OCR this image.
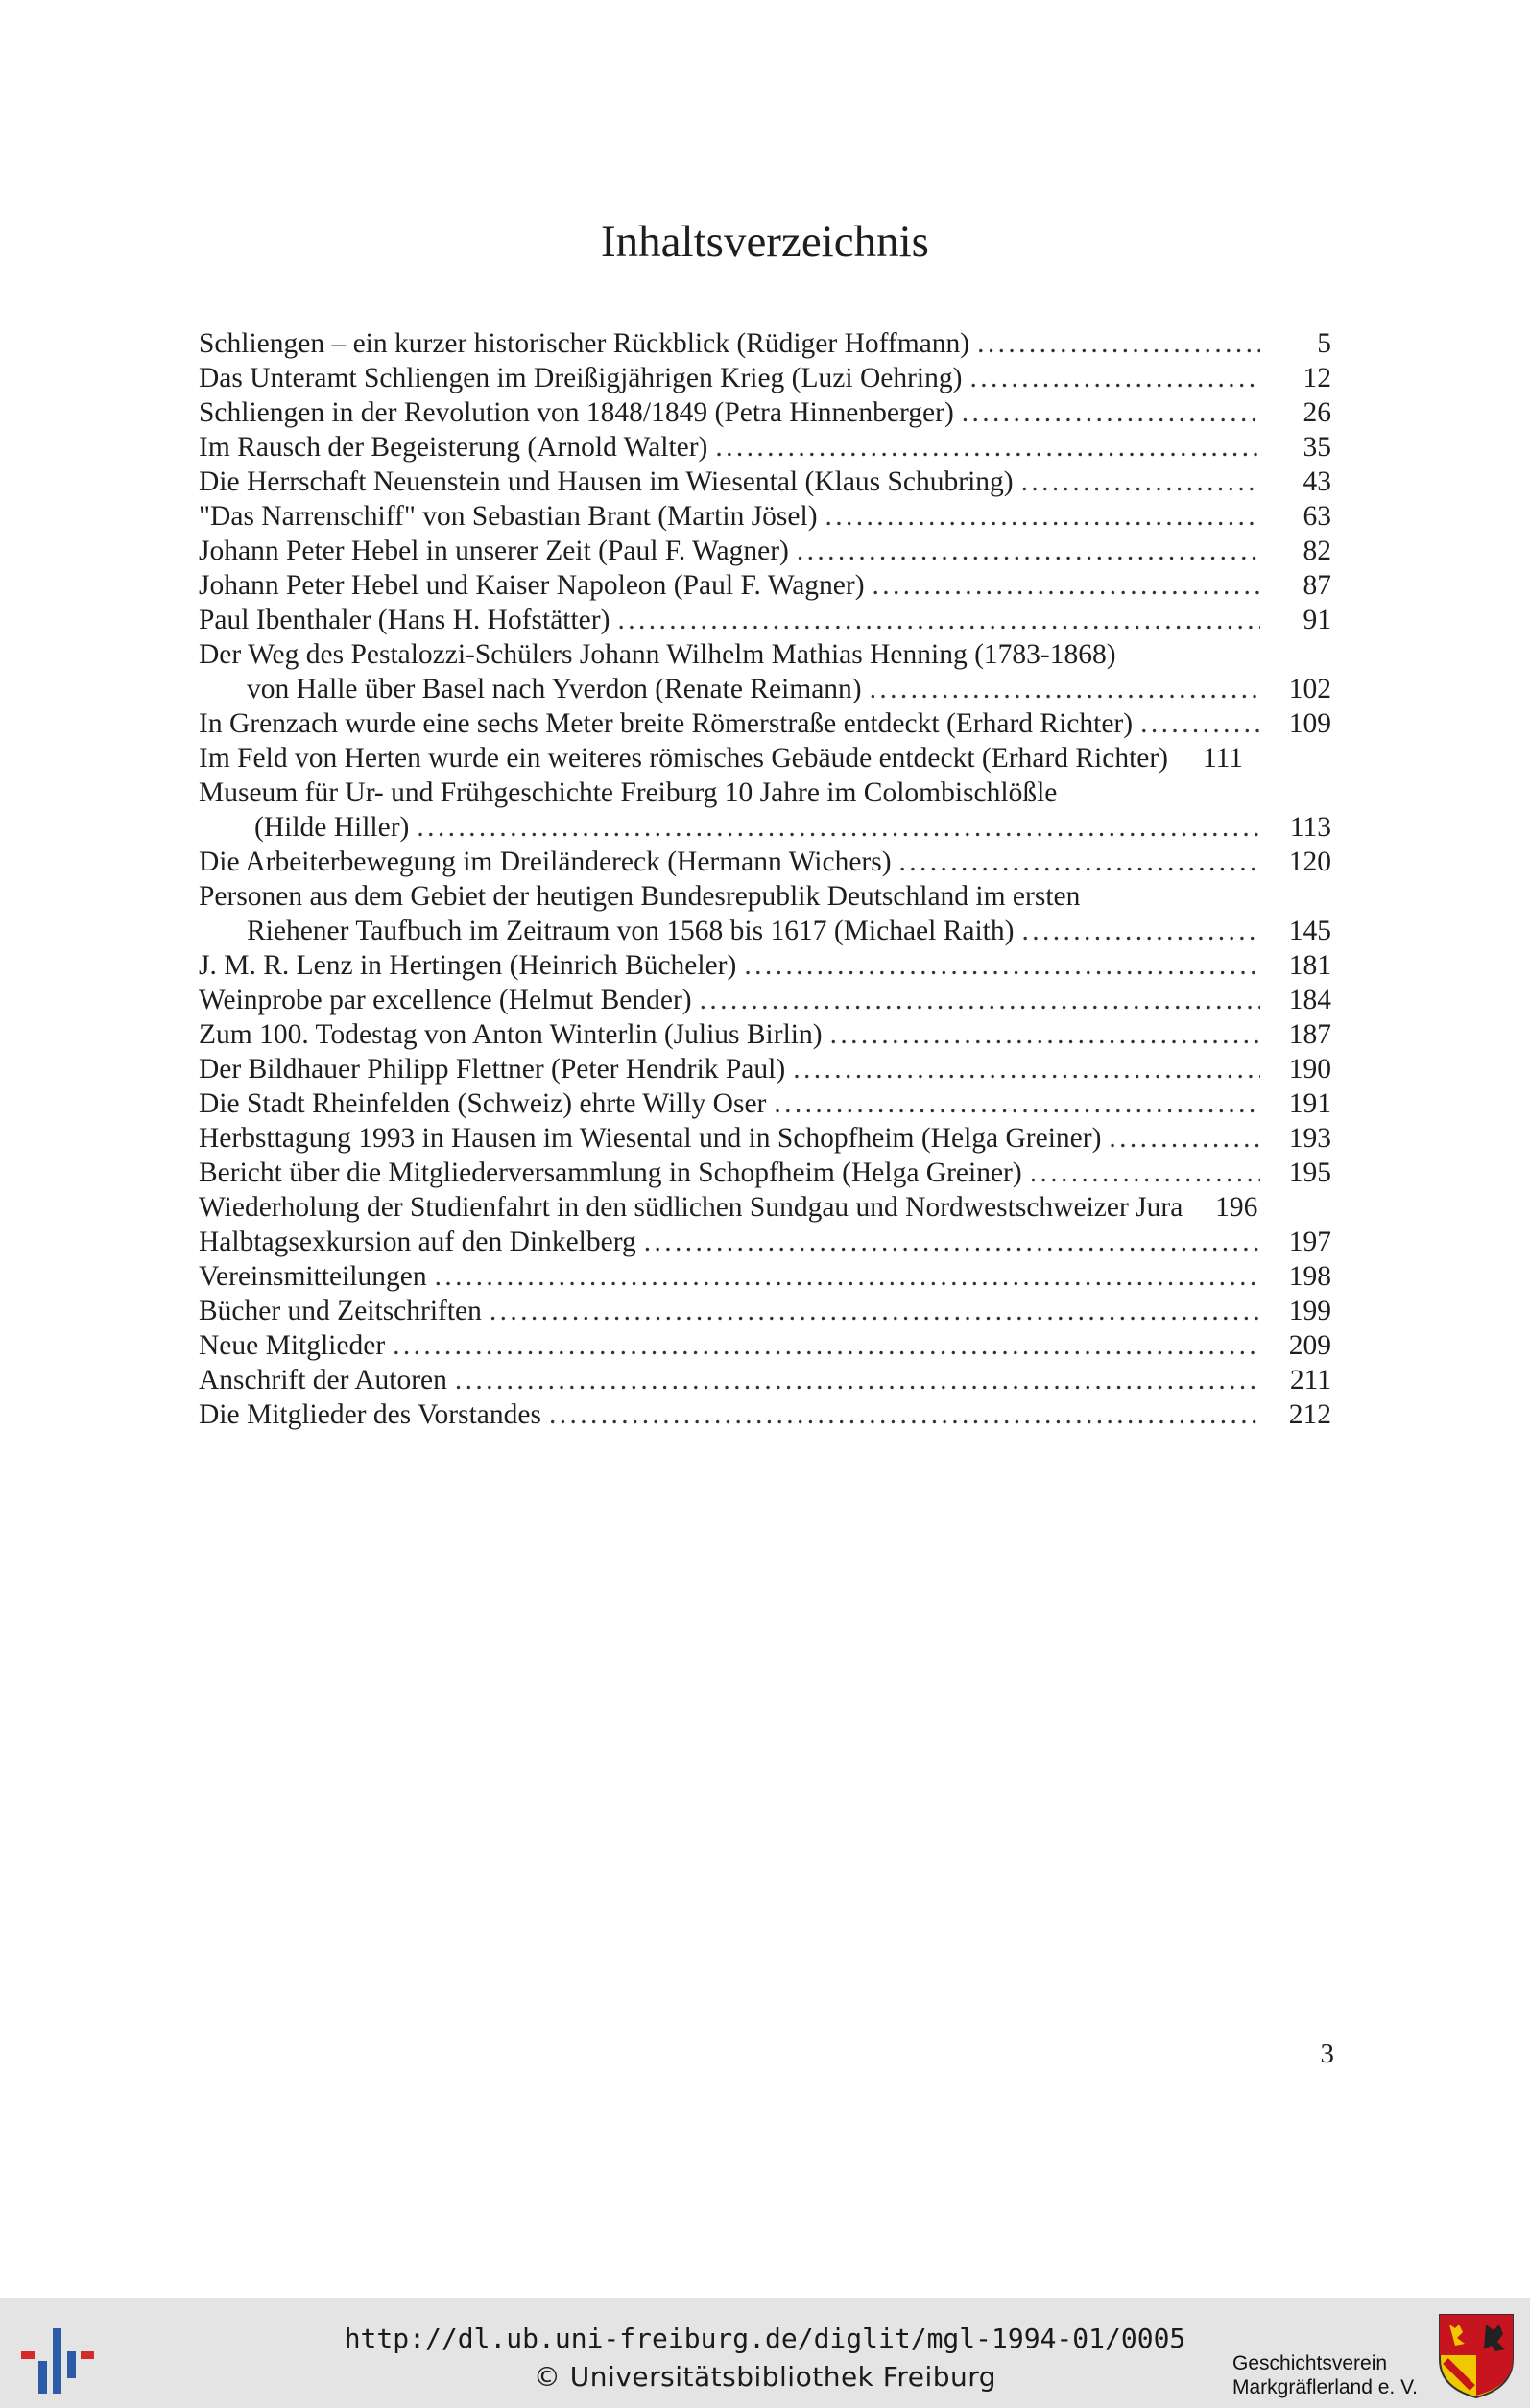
Inhaltsverzeichnis
Schliengen – ein kurzer historischer Rückblick (Rüdiger Hoffmann) . . .	5
Das Unteramt Schliengen im Dreißigjährigen Krieg (Luzi Oehring) . . .	12
Schliengen in der Revolution von 1848/1849 (Petra Hinnenberger) . . .	26
Im Rausch der Begeisterung (Arnold Walter) . . .	35
Die Herrschaft Neuenstein und Hausen im Wiesental (Klaus Schubring) . . .	43
"Das Narrenschiff" von Sebastian Brant (Martin Jösel) . . .	63
Johann Peter Hebel in unserer Zeit (Paul F. Wagner) . . .	82
Johann Peter Hebel und Kaiser Napoleon (Paul F. Wagner) . . .	87
Paul Ibenthaler (Hans H. Hofstätter) . . .	91
Der Weg des Pestalozzi-Schülers Johann Wilhelm Mathias Henning (1783-1868)
von Halle über Basel nach Yverdon (Renate Reimann) . . .	102
In Grenzach wurde eine sechs Meter breite Römerstraße entdeckt (Erhard Richter) . . .	109
Im Feld von Herten wurde ein weiteres römisches Gebäude entdeckt (Erhard Richter)	111
Museum für Ur- und Frühgeschichte Freiburg 10 Jahre im Colombischlößle
(Hilde Hiller) . . .	113
Die Arbeiterbewegung im Dreiländereck (Hermann Wichers) . . .	120
Personen aus dem Gebiet der heutigen Bundesrepublik Deutschland im ersten
Riehener Taufbuch im Zeitraum von 1568 bis 1617 (Michael Raith) . . .	145
J. M. R. Lenz in Hertingen (Heinrich Bücheler) . . .	181
Weinprobe par excellence (Helmut Bender) . . .	184
Zum 100. Todestag von Anton Winterlin (Julius Birlin) . . .	187
Der Bildhauer Philipp Flettner (Peter Hendrik Paul) . . .	190
Die Stadt Rheinfelden (Schweiz) ehrte Willy Oser . . .	191
Herbsttagung 1993 in Hausen im Wiesental und in Schopfheim (Helga Greiner) . . .	193
Bericht über die Mitgliederversammlung in Schopfheim (Helga Greiner) . . .	195
Wiederholung der Studienfahrt in den südlichen Sundgau und Nordwestschweizer Jura	196
Halbtagsexkursion auf den Dinkelberg . . .	197
Vereinsmitteilungen . . .	198
Bücher und Zeitschriften . . .	199
Neue Mitglieder . . .	209
Anschrift der Autoren . . .	211
Die Mitglieder des Vorstandes . . .	212
3
http://dl.ub.uni-freiburg.de/diglit/mgl-1994-01/0005
© Universitätsbibliothek Freiburg	Geschichtsverein
Markgräflerland e. V.
